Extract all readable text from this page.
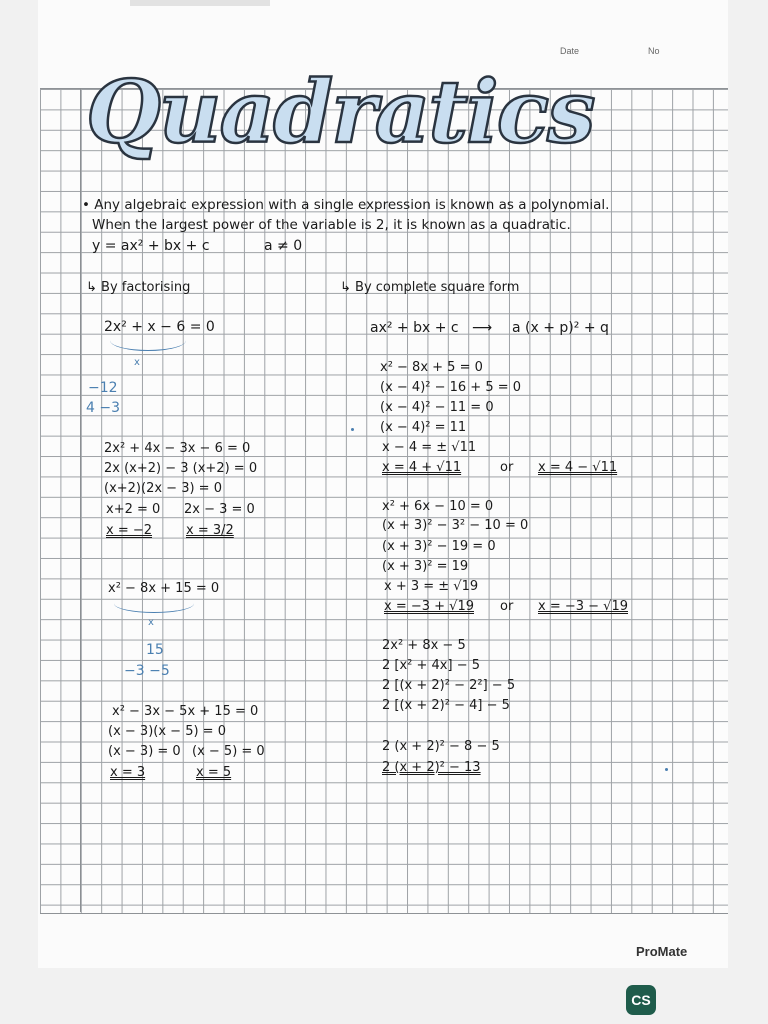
Date	No
Quadratics
• Any algebraic expression with a single expression is known as a polynomial.
When the largest power of the variable is 2, it is known as a quadratic.
y = ax² + bx + c	a ≠ 0
↳ By factorising
2x² + x − 6 = 0
x
−12
4 −3
2x² + 4x − 3x − 6 = 0
2x (x+2) − 3 (x+2) = 0
(x+2)(2x − 3) = 0
x+2 = 0 2x − 3 = 0
x = −2	x = 3/2
x² − 8x + 15 = 0
x
15
−3 −5
x² − 3x − 5x + 15 = 0
(x − 3)(x − 5) = 0
(x − 3) = 0 (x − 5) = 0
x = 3	x = 5
↳ By complete square form
ax² + bx + c ⟶ a (x + p)² + q
x² − 8x + 5 = 0
(x − 4)² − 16 + 5 = 0
(x − 4)² − 11 = 0
(x − 4)² = 11
x − 4 = ± √11
x = 4 + √11	or x = 4 − √11
x² + 6x − 10 = 0
(x + 3)² − 3² − 10 = 0
(x + 3)² − 19 = 0
(x + 3)² = 19
x + 3 = ± √19
x = −3 + √19 or x = −3 − √19
2x² + 8x − 5
2 [x² + 4x] − 5
2 [(x + 2)² − 2²] − 5
2 [(x + 2)² − 4] − 5
2 (x + 2)² − 8 − 5
2 (x + 2)² − 13
ProMate
CS
